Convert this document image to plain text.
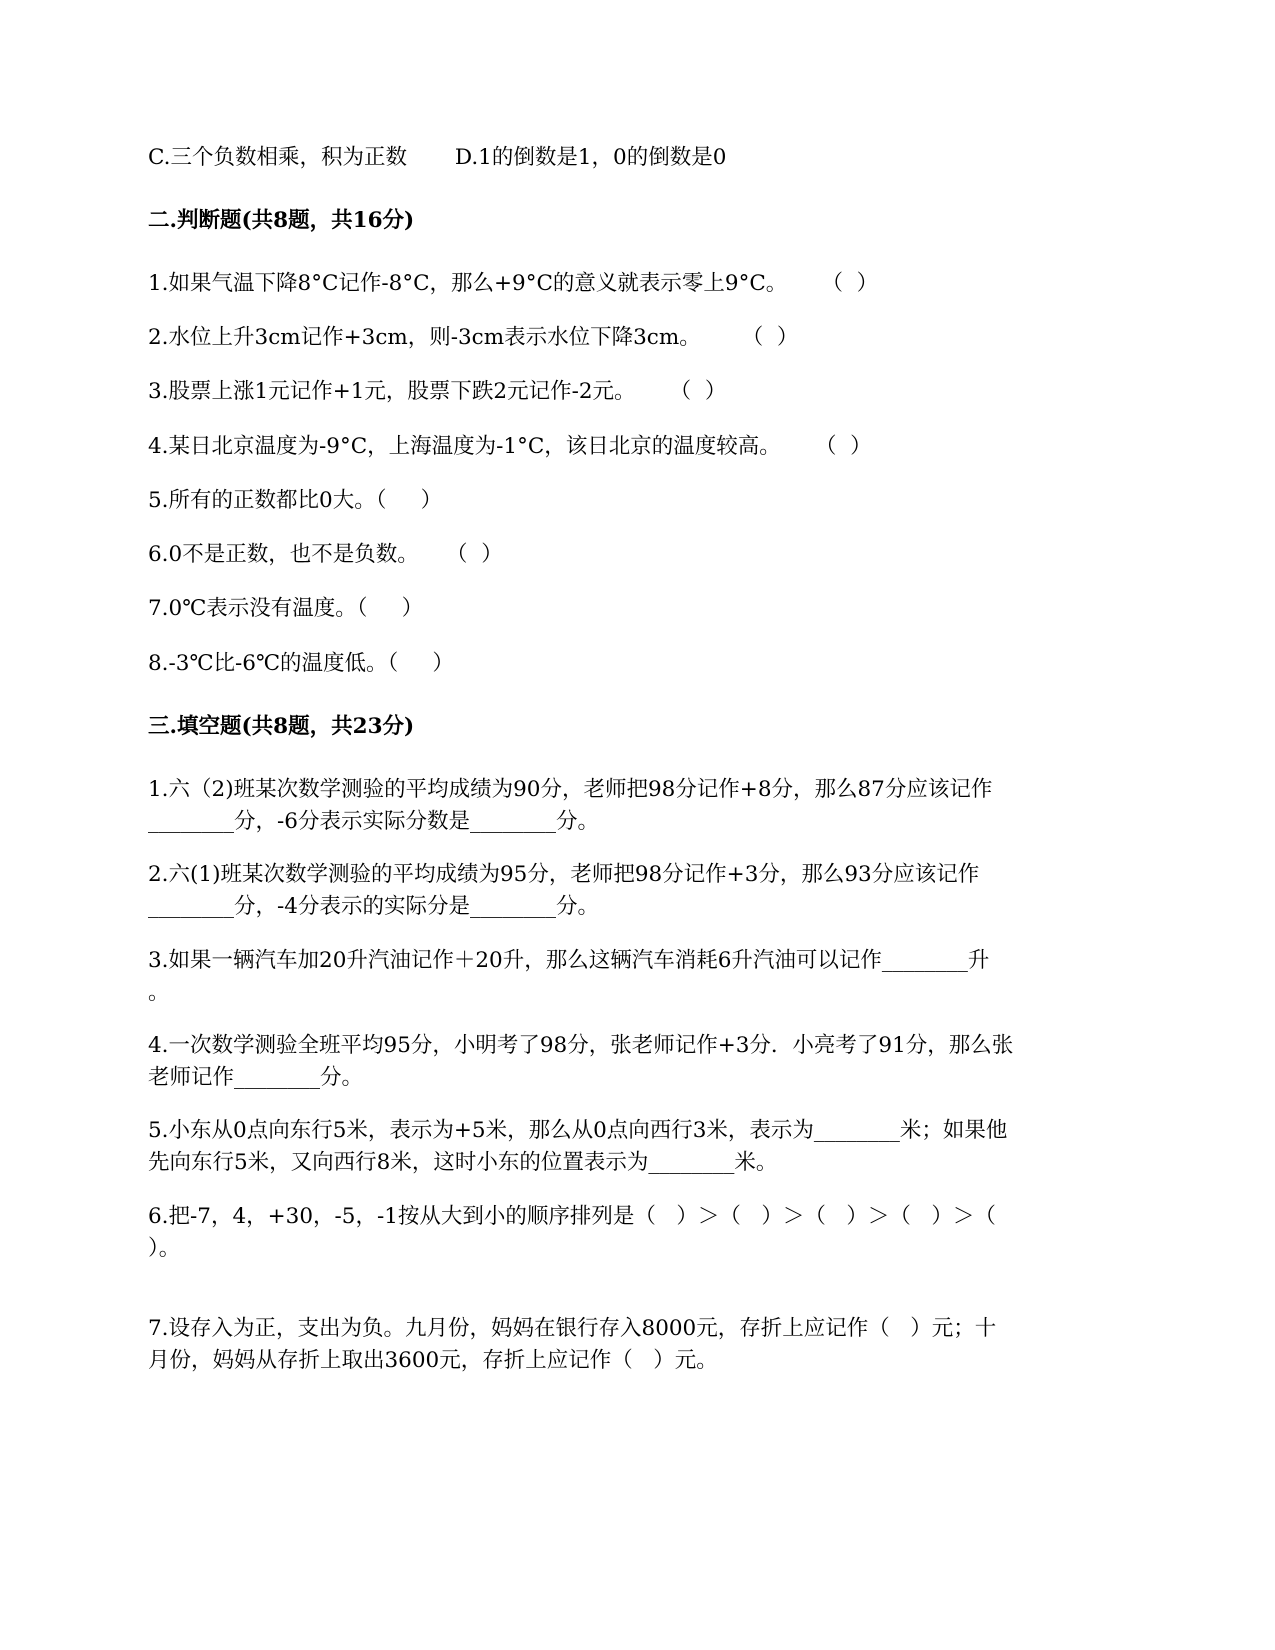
C.三个负数相乘，积为正数       D.1的倒数是1，0的倒数是0
二.判断题(共8题，共16分)
1.如果气温下降8°C记作-8°C，那么+9°C的意义就表示零上9°C。     （  ）
2.水位上升3cm记作+3cm，则-3cm表示水位下降3cm。      （  ）
3.股票上涨1元记作+1元，股票下跌2元记作-2元。     （  ）
4.某日北京温度为-9°C，上海温度为-1°C，该日北京的温度较高。     （  ）
5.所有的正数都比0大。（     ）
6.0不是正数，也不是负数。    （  ）
7.0℃表示没有温度。（     ）
8.-3℃比-6℃的温度低。（     ）
三.填空题(共8题，共23分)
1.六（2)班某次数学测验的平均成绩为90分，老师把98分记作+8分，那么87分应该记作
________分，-6分表示实际分数是________分。
2.六(1)班某次数学测验的平均成绩为95分，老师把98分记作+3分，那么93分应该记作
________分，-4分表示的实际分是________分。
3.如果一辆汽车加20升汽油记作＋20升，那么这辆汽车消耗6升汽油可以记作________升
。
4.一次数学测验全班平均95分，小明考了98分，张老师记作+3分．小亮考了91分，那么张
老师记作________分。
5.小东从0点向东行5米，表示为+5米，那么从0点向西行3米，表示为________米；如果他
先向东行5米，又向西行8米，这时小东的位置表示为________米。
6.把-7，4，+30，-5，-1按从大到小的顺序排列是（   ）＞（   ）＞（   ）＞（   ）＞（
）。
7.设存入为正，支出为负。九月份，妈妈在银行存入8000元，存折上应记作（   ）元；十
月份，妈妈从存折上取出3600元，存折上应记作（   ）元。
